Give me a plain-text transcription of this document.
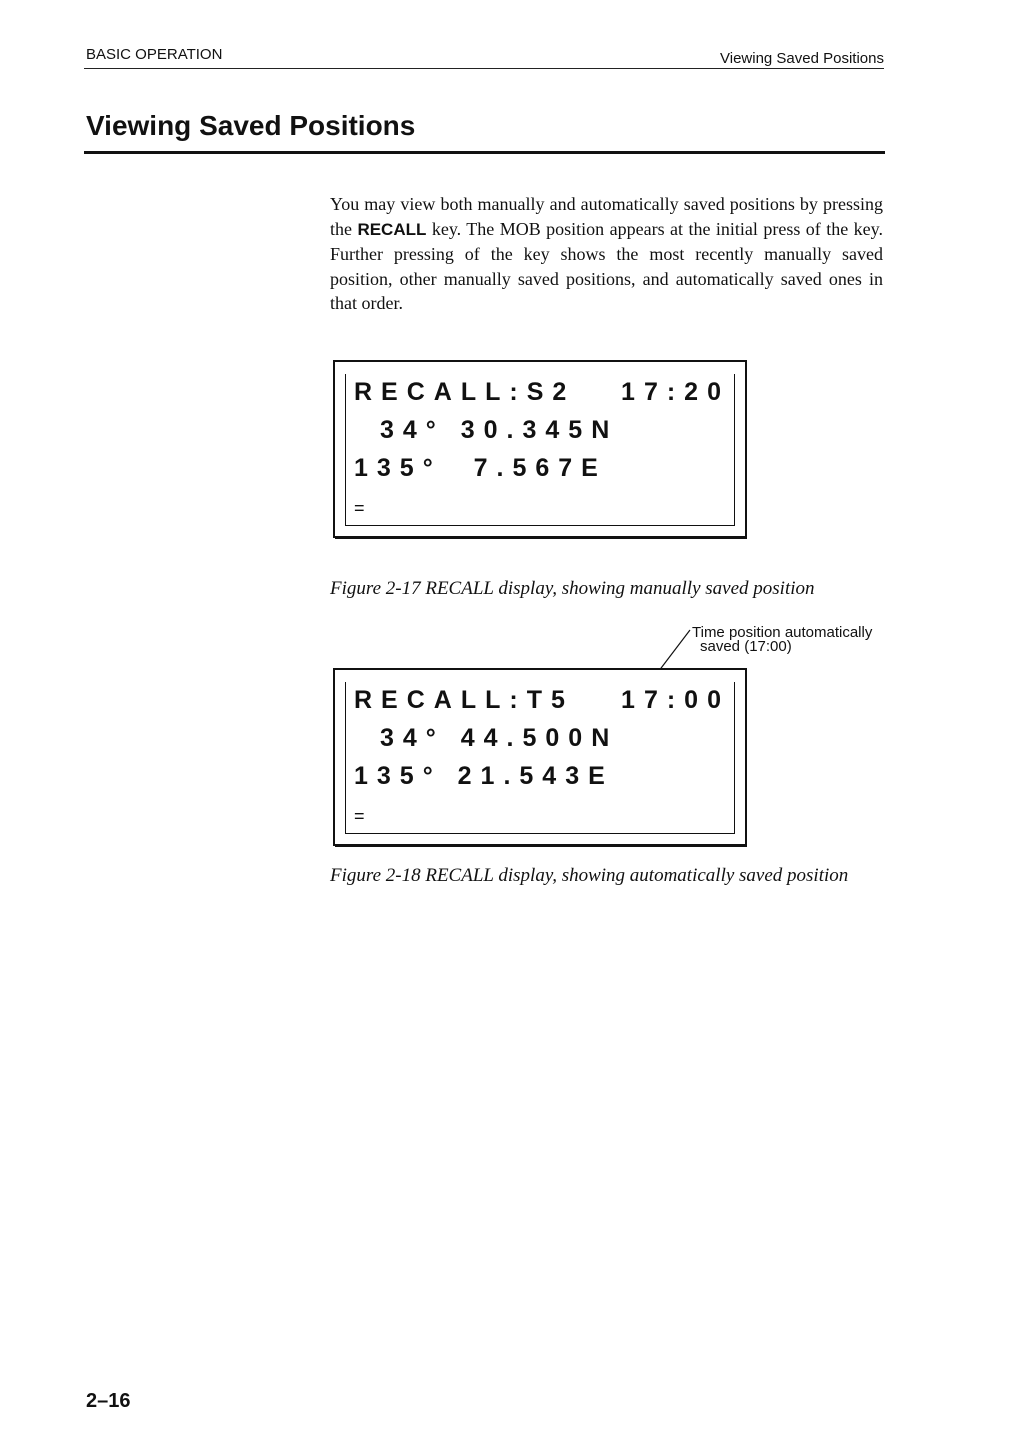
BASIC OPERATION	Viewing Saved Positions
Viewing Saved Positions

You may view both manually and automatically saved positions by pressing the RECALL key. The MOB position appears at the initial press of the key. Further pressing of the key shows the most recently manually saved position, other manually saved positions, and automatically saved ones in that order.

RECALL:S2 17:20
34° 30.345N
135°  7.567E
=

Figure 2-17 RECALL display, showing manually saved position

Time position automatically
saved (17:00)
RECALL:T5 17:00
34° 44.500N
135° 21.543E
=

Figure 2-18 RECALL display, showing automatically saved position

2–16
